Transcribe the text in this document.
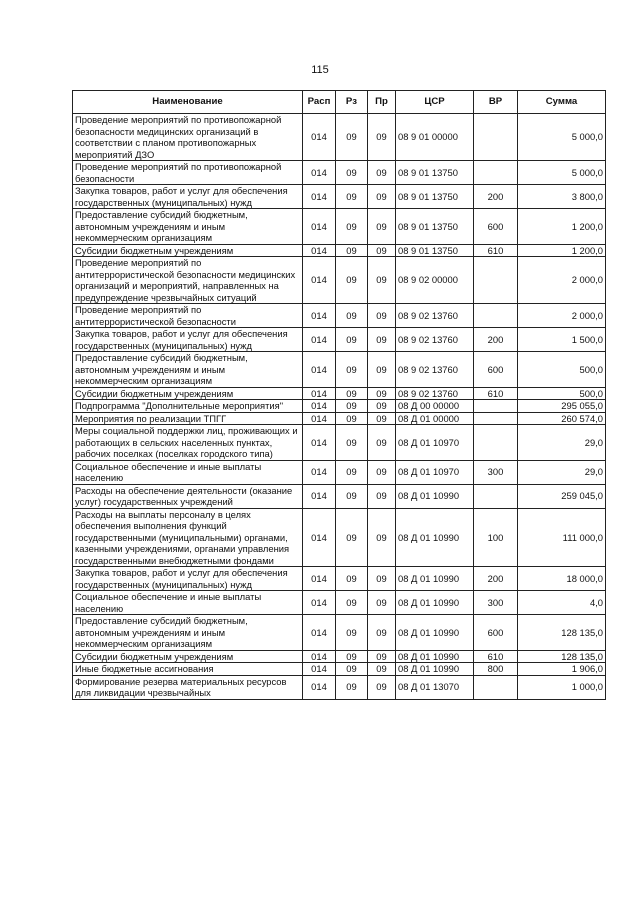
115
Наименование	Расп	Рз	Пр	ЦСР	ВР	Сумма
Проведение мероприятий по противопожарной безопасности медицинских организаций в соответствии с планом противопожарных мероприятий ДЗО	014	09	09	08 9 01 00000		5 000,0
Проведение мероприятий по противопожарной безопасности	014	09	09	08 9 01 13750		5 000,0
Закупка товаров, работ и услуг для обеспечения государственных (муниципальных) нужд	014	09	09	08 9 01 13750	200	3 800,0
Предоставление субсидий бюджетным, автономным учреждениям и иным некоммерческим организациям	014	09	09	08 9 01 13750	600	1 200,0
Субсидии бюджетным учреждениям	014	09	09	08 9 01 13750	610	1 200,0
Проведение мероприятий по антитеррористической безопасности медицинских организаций и мероприятий, направленных на предупреждение чрезвычайных ситуаций	014	09	09	08 9 02 00000		2 000,0
Проведение мероприятий по антитеррористической безопасности	014	09	09	08 9 02 13760		2 000,0
Закупка товаров, работ и услуг для обеспечения государственных (муниципальных) нужд	014	09	09	08 9 02 13760	200	1 500,0
Предоставление субсидий бюджетным, автономным учреждениям и иным некоммерческим организациям	014	09	09	08 9 02 13760	600	500,0
Субсидии бюджетным учреждениям	014	09	09	08 9 02 13760	610	500,0
Подпрограмма "Дополнительные мероприятия"	014	09	09	08 Д 00 00000		295 055,0
Мероприятия по реализации ТПГГ	014	09	09	08 Д 01 00000		260 574,0
Меры социальной поддержки лиц, проживающих и работающих в сельских населенных пунктах, рабочих поселках (поселках городского типа)	014	09	09	08 Д 01 10970		29,0
Социальное обеспечение и иные выплаты населению	014	09	09	08 Д 01 10970	300	29,0
Расходы на обеспечение деятельности (оказание услуг) государственных учреждений	014	09	09	08 Д 01 10990		259 045,0
Расходы на выплаты персоналу в целях обеспечения выполнения функций государственными (муниципальными) органами, казенными учреждениями, органами управления государственными внебюджетными фондами	014	09	09	08 Д 01 10990	100	111 000,0
Закупка товаров, работ и услуг для обеспечения государственных (муниципальных) нужд	014	09	09	08 Д 01 10990	200	18 000,0
Социальное обеспечение и иные выплаты населению	014	09	09	08 Д 01 10990	300	4,0
Предоставление субсидий бюджетным, автономным учреждениям и иным некоммерческим организациям	014	09	09	08 Д 01 10990	600	128 135,0
Субсидии бюджетным учреждениям	014	09	09	08 Д 01 10990	610	128 135,0
Иные бюджетные ассигнования	014	09	09	08 Д 01 10990	800	1 906,0
Формирование резерва материальных ресурсов для ликвидации чрезвычайных	014	09	09	08 Д 01 13070		1 000,0
